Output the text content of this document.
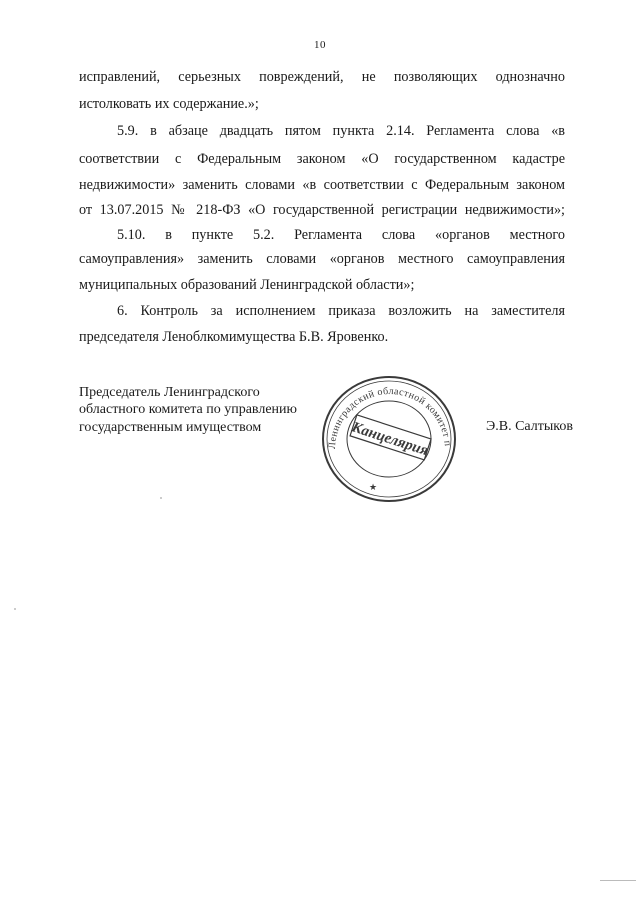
10
исправлений, серьезных повреждений, не позволяющих однозначно
истолковать их содержание.»;
5.9. в абзаце двадцать пятом пункта 2.14. Регламента слова «в
соответствии с Федеральным законом «О государственном кадастре
недвижимости» заменить словами «в соответствии с Федеральным законом
от 13.07.2015 № 218-ФЗ «О государственной регистрации недвижимости»;
5.10. в пункте 5.2. Регламента слова «органов местного
самоуправления» заменить словами «органов местного самоуправления
муниципальных образований Ленинградской области»;
6. Контроль за исполнением приказа возложить на заместителя
председателя Леноблкомимущества Б.В. Яровенко.
Председатель Ленинградского
областного комитета по управлению
государственным имуществом	Э.В. Салтыков
Ленинградский областной комитет п
Канцелярия
★
